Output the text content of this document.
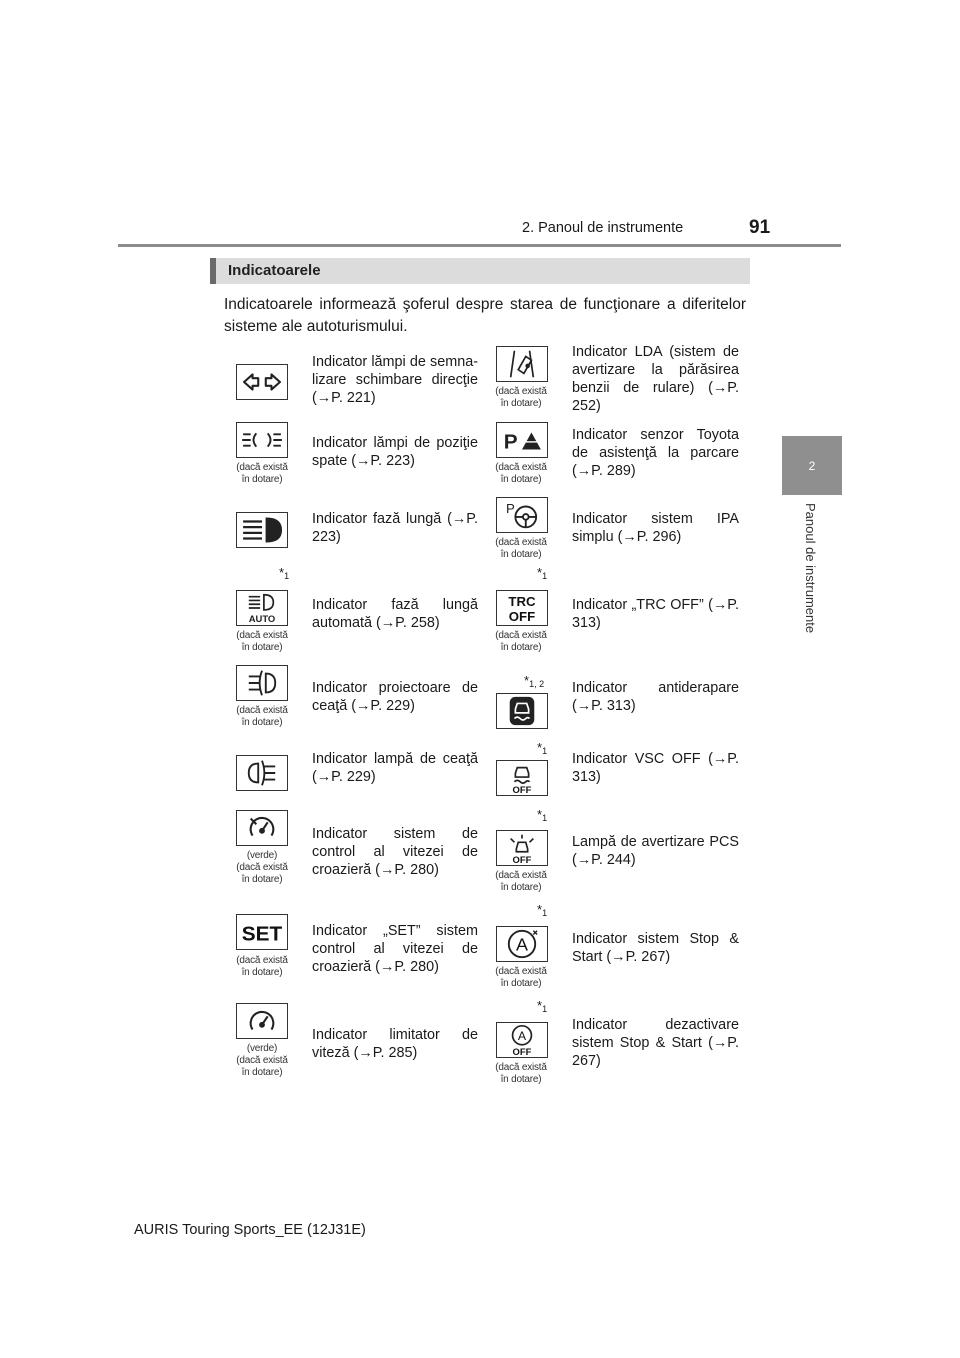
2. Panoul de instrumente	91
2
Panoul de instrumente
Indicatoarele
Indicatoarele informează şoferul despre starea de funcţionare a diferitelor sisteme ale autoturismului.
Indicator lămpi de semna-lizare schimbare direcţie (→P. 221)
(dacă există
în dotare)
Indicator lămpi de poziţie spate (→P. 223)
Indicator fază lungă (→P. 223)
$*_1$
AUTO
(dacă există
în dotare)
Indicator fază lungă automată (→P. 258)
(dacă există
în dotare)
Indicator proiectoare de ceaţă (→P. 229)
Indicator lampă de ceaţă (→P. 229)
(verde)
(dacă există
în dotare)
Indicator sistem de control al vitezei de croazieră (→P. 280)
SET
(dacă există
în dotare)
Indicator „SET” sistem control al vitezei de croazieră (→P. 280)
(verde)
(dacă există
în dotare)
Indicator limitator de viteză (→P. 285)
(dacă există
în dotare)
Indicator LDA (sistem de avertizare la părăsirea benzii de rulare) (→P. 252)
P
(dacă există
în dotare)
Indicator senzor Toyota de asistenţă la parcare (→P. 289)
P
(dacă există
în dotare)
Indicator sistem IPA simplu (→P. 296)
$*_1$
TRC
OFF
(dacă există
în dotare)
Indicator „TRC OFF” (→P. 313)
$*_{1, 2}$ Indicator antiderapare (→P. 313)
$*_1$
OFF
Indicator VSC OFF (→P. 313)
$*_1$
OFF
(dacă există
în dotare)
Lampă de avertizare PCS (→P. 244)
$*_1$
A
(dacă există
în dotare)
Indicator sistem Stop & Start (→P. 267)
$*_1$
A
OFF
(dacă există
în dotare)
Indicator dezactivare sistem Stop & Start (→P. 267)
AURIS Touring Sports_EE (12J31E)
